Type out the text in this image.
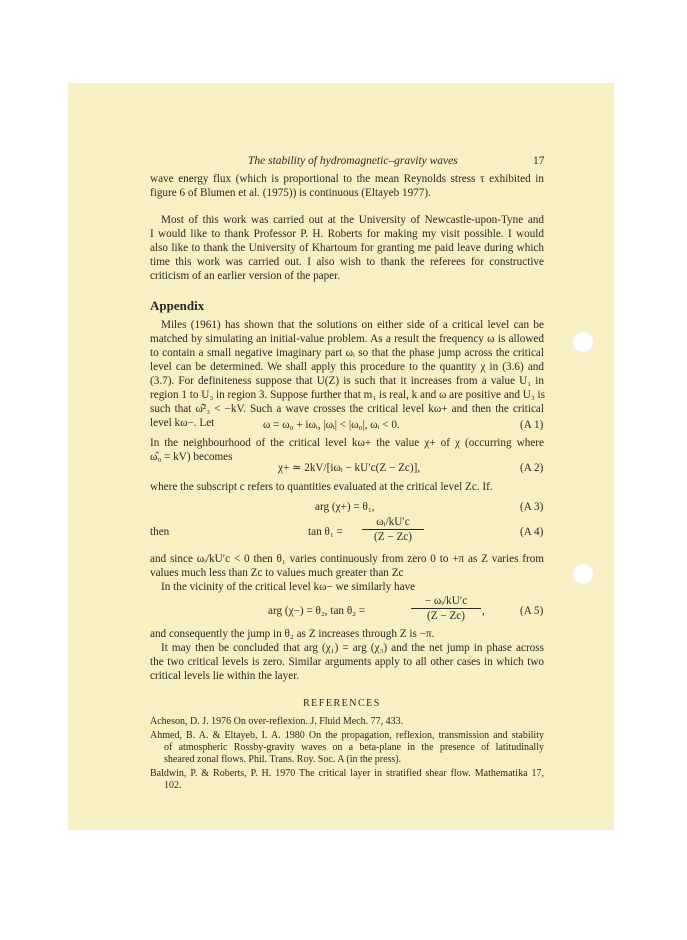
The stability of hydromagnetic–gravity waves	17
wave energy flux (which is proportional to the mean Reynolds stress τ exhibited in
figure 6 of Blumen et al. (1975)) is continuous (Eltayeb 1977).
Most of this work was carried out at the University of Newcastle-upon-Tyne and
I would like to thank Professor P. H. Roberts for making my visit possible. I would
also like to thank the University of Khartoum for granting me paid leave during which
time this work was carried out. I also wish to thank the referees for constructive
criticism of an earlier version of the paper.
Appendix
Miles (1961) has shown that the solutions on either side of a critical level can be
matched by simulating an initial-value problem. As a result the frequency ω is allowed
to contain a small negative imaginary part ωᵢ so that the phase jump across the critical
level can be determined. We shall apply this procedure to the quantity χ in (3.6) and
(3.7). For definiteness suppose that U(Z) is such that it increases from a value U₁ in
region 1 to U₃ in region 3. Suppose further that m₁ is real, k and ω are positive and U₃ is
such that ω̂²₃ < −kV. Such a wave crosses the critical level kω+ and then the critical
level kω−. Let	ω = ω₀ + iωᵢ, |ωᵢ| < |ω₀|, ωᵢ < 0.	(A 1)
In the neighbourhood of the critical level kω+ the value χ+ of χ (occurring where
ω̂₀ = kV) becomes
χ+ ≃ 2kV/[iωᵢ − kU′c(Z − Zc)],	(A 2)
where the subscript c refers to quantities evaluated at the critical level Zc. If.
arg (χ+) = θ₁,	(A 3)
then	tan θ₁ =
ωᵢ/kU′c
(Z − Zc)	(A 4)
and since ωᵢ/kU′c < 0 then θ₁ varies continuously from zero 0 to +π as Z varies from
values much less than Zc to values much greater than Zc
In the vicinity of the critical level kω− we similarly have
arg (χ−) = θ₂, tan θ₂ =
− ωᵢ/kU′c
(Z − Zc)	,	(A 5)
and consequently the jump in θ₂ as Z increases through Z is −π.
It may then be concluded that arg (χ₁) = arg (χ₃) and the net jump in phase across
the two critical levels is zero. Similar arguments apply to all other cases in which two
critical levels lie within the layer.
REFERENCES
Acheson, D. J. 1976 On over-reflexion. J. Fluid Mech. 77, 433.
Ahmed, B. A. & Eltayeb, I. A. 1980 On the propagation, reflexion, transmission and stability
of atmospheric Rossby-gravity waves on a beta-plane in the presence of latitudinally
sheared zonal flows. Phil. Trans. Roy. Soc. A (in the press).
Baldwin, P. & Roberts, P. H. 1970 The critical layer in stratified shear flow. Mathematika 17,
102.
